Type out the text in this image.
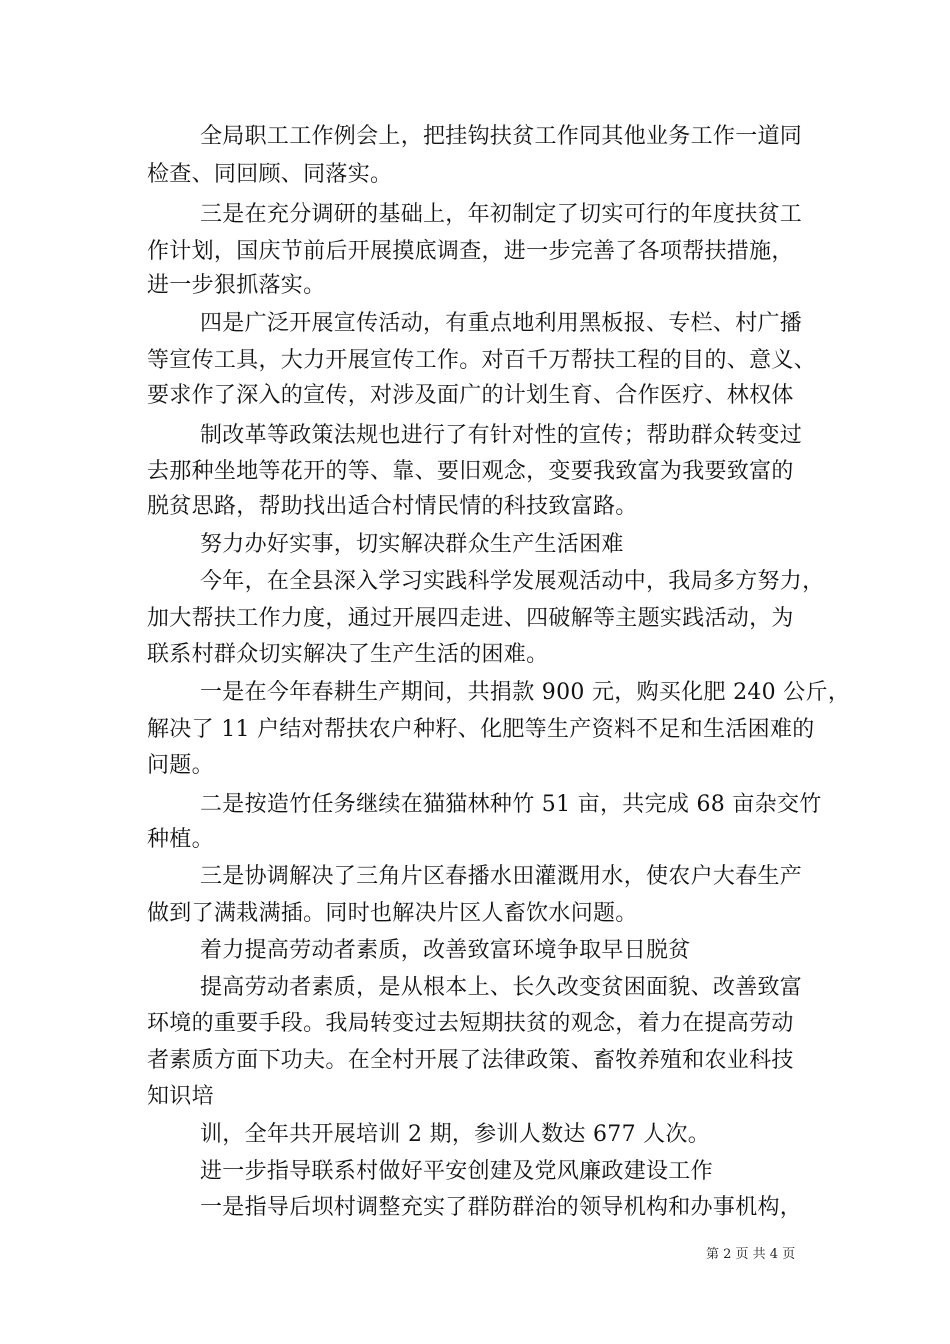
全局职工工作例会上，把挂钩扶贫工作同其他业务工作一道同
检查、同回顾、同落实。
三是在充分调研的基础上，年初制定了切实可行的年度扶贫工
作计划，国庆节前后开展摸底调查，进一步完善了各项帮扶措施，
进一步狠抓落实。
四是广泛开展宣传活动，有重点地利用黑板报、专栏、村广播
等宣传工具，大力开展宣传工作。对百千万帮扶工程的目的、意义、
要求作了深入的宣传，对涉及面广的计划生育、合作医疗、林权体
制改革等政策法规也进行了有针对性的宣传；帮助群众转变过
去那种坐地等花开的等、靠、要旧观念，变要我致富为我要致富的
脱贫思路，帮助找出适合村情民情的科技致富路。
努力办好实事，切实解决群众生产生活困难
今年，在全县深入学习实践科学发展观活动中，我局多方努力，
加大帮扶工作力度，通过开展四走进、四破解等主题实践活动，为
联系村群众切实解决了生产生活的困难。
一是在今年春耕生产期间，共捐款 900 元，购买化肥 240 公斤，
解决了 11 户结对帮扶农户种籽、化肥等生产资料不足和生活困难的
问题。
二是按造竹任务继续在猫猫林种竹 51 亩，共完成 68 亩杂交竹
种植。
三是协调解决了三角片区春播水田灌溉用水，使农户大春生产
做到了满栽满插。同时也解决片区人畜饮水问题。
着力提高劳动者素质，改善致富环境争取早日脱贫
提高劳动者素质，是从根本上、长久改变贫困面貌、改善致富
环境的重要手段。我局转变过去短期扶贫的观念，着力在提高劳动
者素质方面下功夫。在全村开展了法律政策、畜牧养殖和农业科技
知识培
训，全年共开展培训 2 期，参训人数达 677 人次。
进一步指导联系村做好平安创建及党风廉政建设工作
一是指导后坝村调整充实了群防群治的领导机构和办事机构，
第 2 页 共 4 页
